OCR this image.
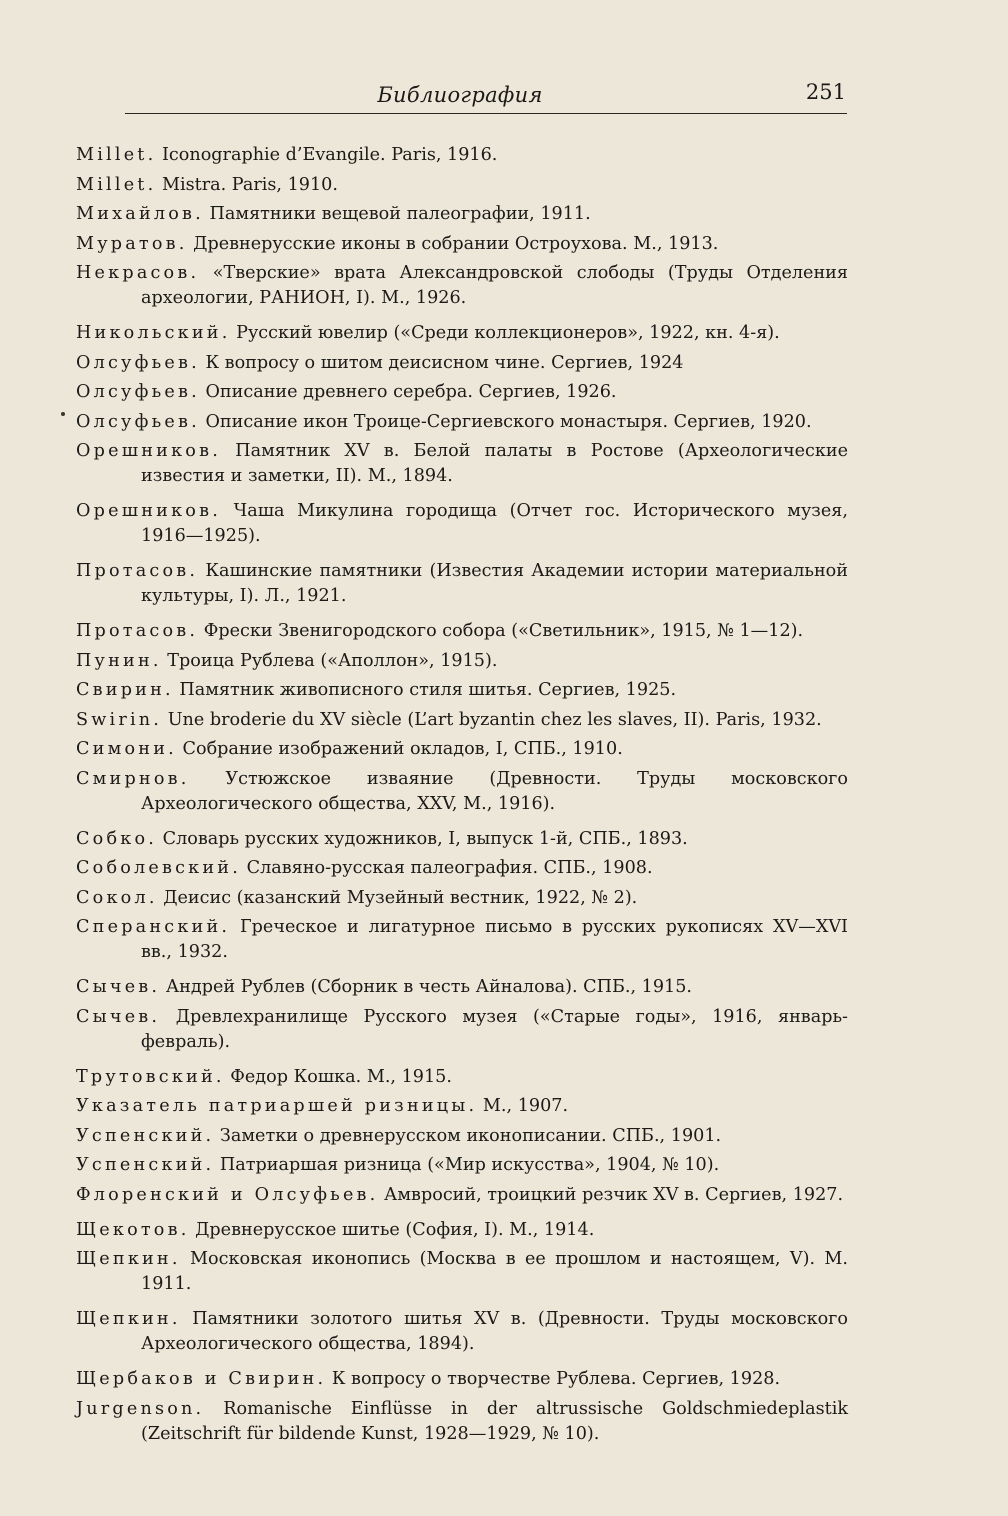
Библиография	251
Millet. Iconographie d’Evangile. Paris, 1916.
Millet. Mistra. Paris, 1910.
Михайлов. Памятники вещевой палеографии, 1911.
Муратов. Древнерусские иконы в собрании Остроухова. М., 1913.
Некрасов. «Тверские» врата Александровской слободы (Труды Отделения археологии, РАНИОН, I). М., 1926.
Никольский. Русский ювелир («Среди коллекционеров», 1922, кн. 4-я).
Олсуфьев. К вопросу о шитом деисисном чине. Сергиев, 1924
Олсуфьев. Описание древнего серебра. Сергиев, 1926.
Олсуфьев. Описание икон Троице-Сергиевского монастыря. Сергиев, 1920.
Орешников. Памятник XV в. Белой палаты в Ростове (Археологические известия и заметки, II). М., 1894.
Орешников. Чаша Микулина городища (Отчет гос. Исторического музея, 1916—1925).
Протасов. Кашинские памятники (Известия Академии истории материальной культуры, I). Л., 1921.
Протасов. Фрески Звенигородского собора («Светильник», 1915, № 1—12).
Пунин. Троица Рублева («Аполлон», 1915).
Свирин. Памятник живописного стиля шитья. Сергиев, 1925.
Swirin. Une broderie du XV siècle (L’art byzantin chez les slaves, II). Paris, 1932.
Симони. Собрание изображений окладов, I, СПБ., 1910.
Смирнов. Устюжское изваяние (Древности. Труды московского Археологического общества, XXV, М., 1916).
Собко. Словарь русских художников, I, выпуск 1-й, СПБ., 1893.
Соболевский. Славяно-русская палеография. СПБ., 1908.
Сокол. Деисис (казанский Музейный вестник, 1922, № 2).
Сперанский. Греческое и лигатурное письмо в русских рукописях XV—XVI вв., 1932.
Сычев. Андрей Рублев (Сборник в честь Айналова). СПБ., 1915.
Сычев. Древлехранилище Русского музея («Старые годы», 1916, январь-февраль).
Трутовский. Федор Кошка. М., 1915.
Указатель патриаршей ризницы. М., 1907.
Успенский. Заметки о древнерусском иконописании. СПБ., 1901.
Успенский. Патриаршая ризница («Мир искусства», 1904, № 10).
Флоренский и Олсуфьев. Амвросий, троицкий резчик XV в. Сергиев, 1927.
Щекотов. Древнерусское шитье (София, I). М., 1914.
Щепкин. Московская иконопись (Москва в ее прошлом и настоящем, V). М. 1911.
Щепкин. Памятники золотого шитья XV в. (Древности. Труды московского Археологического общества, 1894).
Щербаков и Свирин. К вопросу о творчестве Рублева. Сергиев, 1928.
Jurgenson. Romanische Einflüsse in der altrussische Goldschmiedeplastik (Zeitschrift für bildende Kunst, 1928—1929, № 10).
